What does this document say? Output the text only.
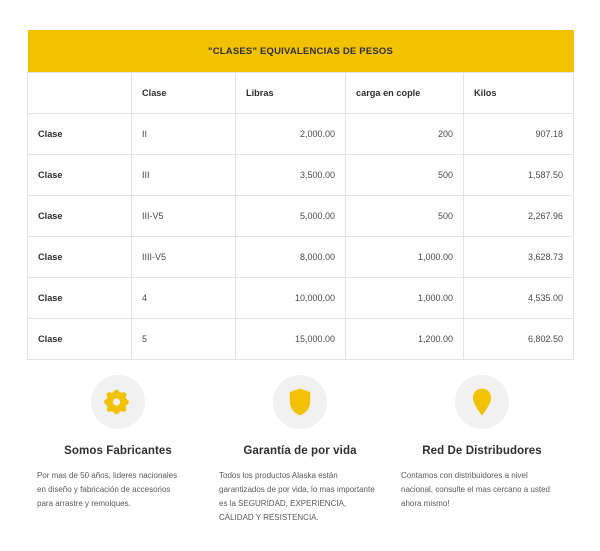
"CLASES" EQUIVALENCIAS DE PESOS				
	Clase	Libras	carga en cople	Kilos
Clase	II	2,000.00	200	907.18
Clase	III	3,500.00	500	1,587.50
Clase	III-V5	5,000.00	500	2,267.96
Clase	IIII-V5	8,000.00	1,000.00	3,628.73
Clase	4	10,000.00	1,000.00	4,535.00
Clase	5	15,000.00	1,200.00	6,802.50
Somos Fabricantes

Por mas de 50 años, lideres nacionales en diseño y fabricación de accesorios para arrastre y remolques.

Garantía de por vida

Todos los productos Alaska están garantizados de por vida, lo mas importante es la SEGURIDAD, EXPERIENCIA, CALIDAD Y RESISTENCIA.

Red De Distribudores

Contamos con distribuidores a nivel nacional, consulte el mas cercano a usted ahora mismo!
